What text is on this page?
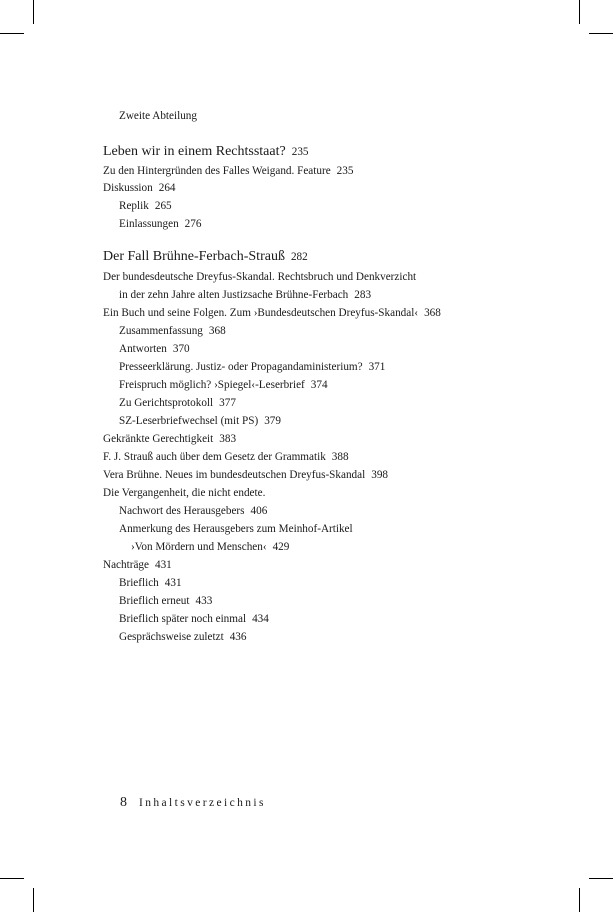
Zweite Abteilung
Leben wir in einem Rechtsstaat? 235
Zu den Hintergründen des Falles Weigand. Feature 235
Diskussion 264
Replik 265
Einlassungen 276
Der Fall Brühne-Ferbach-Strauß 282
Der bundesdeutsche Dreyfus-Skandal. Rechtsbruch und Denkverzicht
in der zehn Jahre alten Justizsache Brühne-Ferbach 283
Ein Buch und seine Folgen. Zum ›Bundesdeutschen Dreyfus-Skandal‹ 368
Zusammenfassung 368
Antworten 370
Presseerklärung. Justiz- oder Propagandaministerium? 371
Freispruch möglich? ›Spiegel‹-Leserbrief 374
Zu Gerichtsprotokoll 377
SZ-Leserbriefwechsel (mit PS) 379
Gekränkte Gerechtigkeit 383
F. J. Strauß auch über dem Gesetz der Grammatik 388
Vera Brühne. Neues im bundesdeutschen Dreyfus-Skandal 398
Die Vergangenheit, die nicht endete.
Nachwort des Herausgebers 406
Anmerkung des Herausgebers zum Meinhof-Artikel
›Von Mördern und Menschen‹ 429
Nachträge 431
Brieflich 431
Brieflich erneut 433
Brieflich später noch einmal 434
Gesprächsweise zuletzt 436
8 Inhaltsverzeichnis
